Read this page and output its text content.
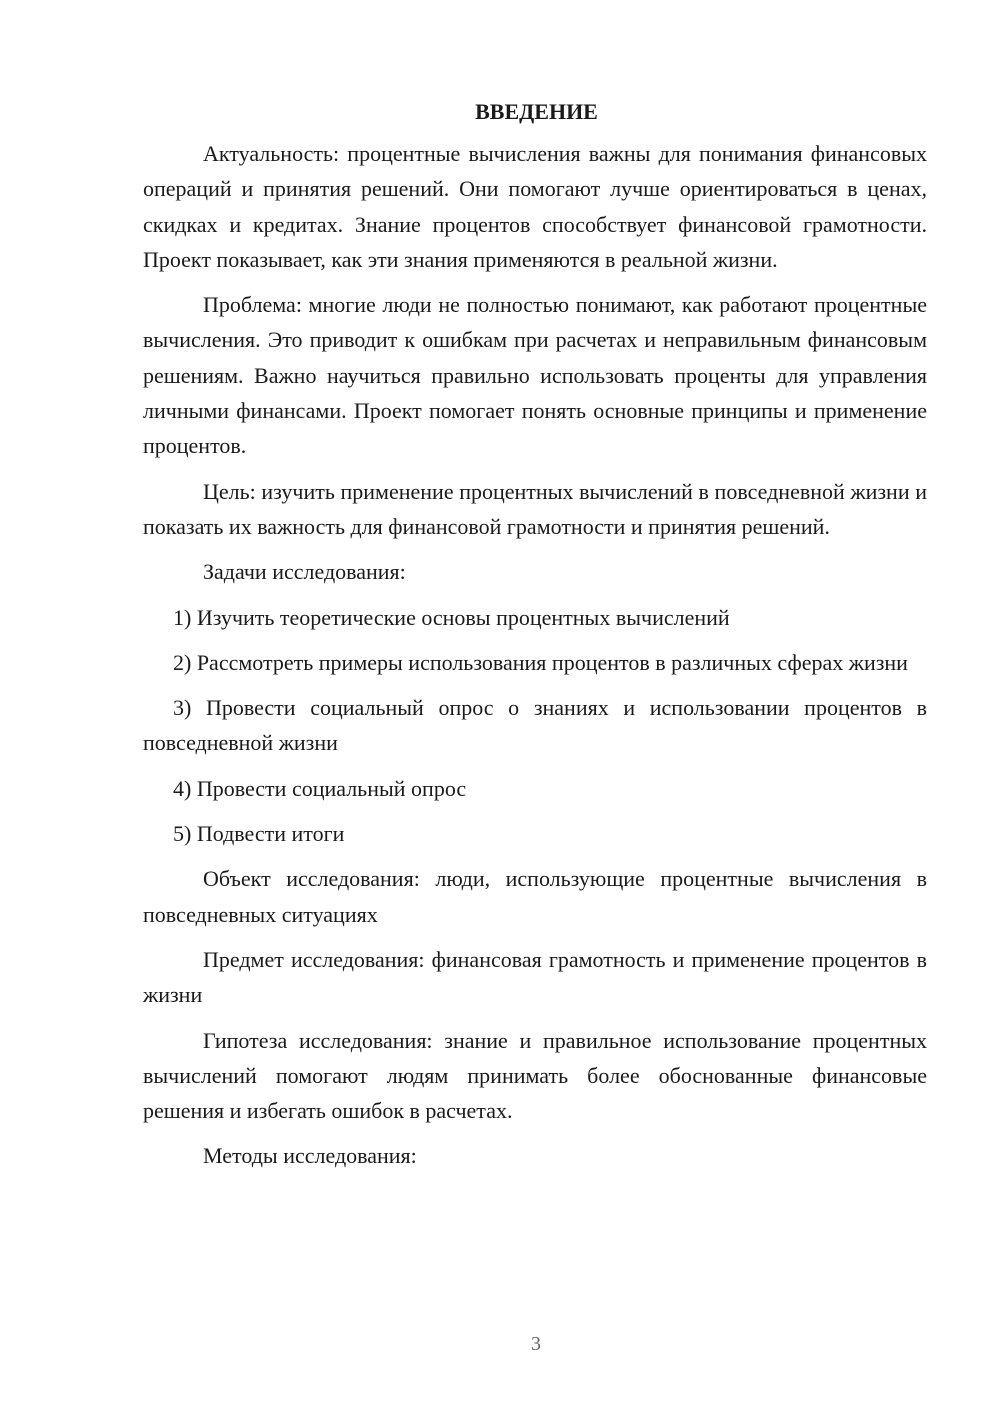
ВВЕДЕНИЕ

Актуальность: процентные вычисления важны для понимания финансовых операций и принятия решений. Они помогают лучше ориентироваться в ценах, скидках и кредитах. Знание процентов способствует финансовой грамотности. Проект показывает, как эти знания применяются в реальной жизни.

Проблема: многие люди не полностью понимают, как работают процентные вычисления. Это приводит к ошибкам при расчетах и неправильным финансовым решениям. Важно научиться правильно использовать проценты для управления личными финансами. Проект помогает понять основные принципы и применение процентов.

Цель: изучить применение процентных вычислений в повседневной жизни и показать их важность для финансовой грамотности и принятия решений.

Задачи исследования:

1) Изучить теоретические основы процентных вычислений

2) Рассмотреть примеры использования процентов в различных сферах жизни

3) Провести социальный опрос о знаниях и использовании процентов в повседневной жизни

4) Провести социальный опрос

5) Подвести итоги

Объект исследования: люди, использующие процентные вычисления в повседневных ситуациях

Предмет исследования: финансовая грамотность и применение процентов в жизни

Гипотеза исследования: знание и правильное использование процентных вычислений помогают людям принимать более обоснованные финансовые решения и избегать ошибок в расчетах.

Методы исследования:

3
